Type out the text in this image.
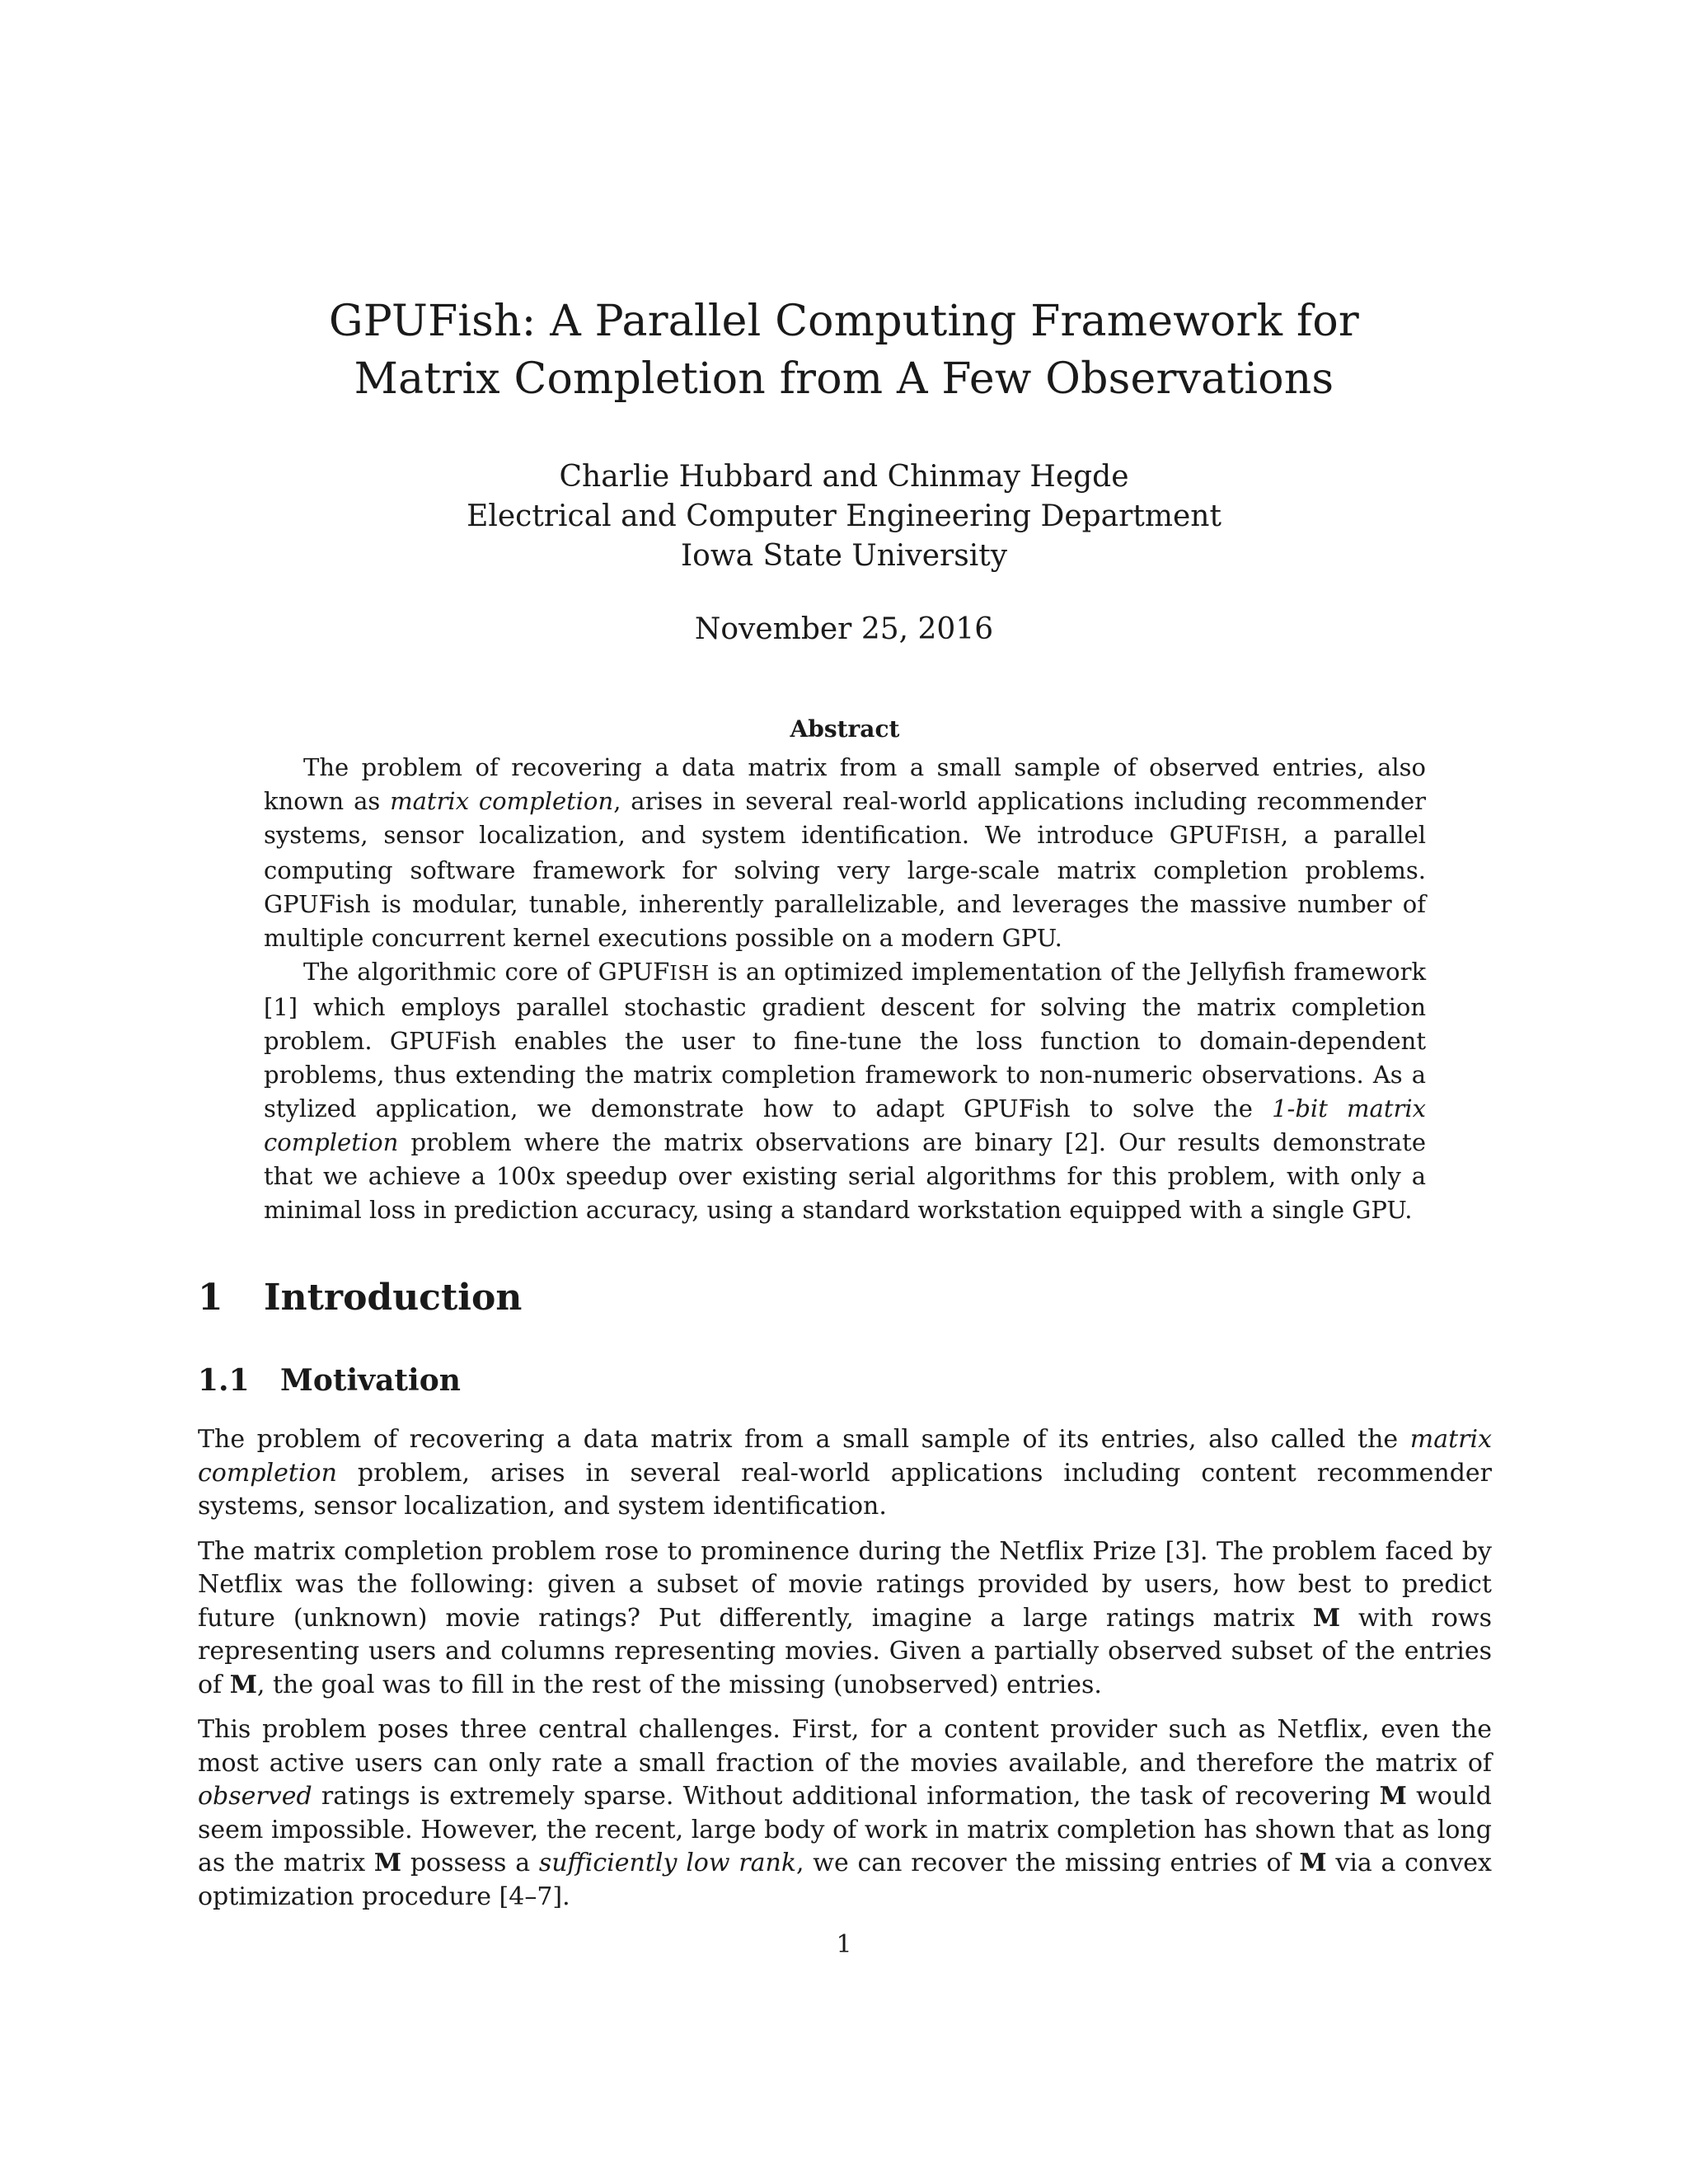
GPUFish: A Parallel Computing Framework for
Matrix Completion from A Few Observations
Charlie Hubbard and Chinmay Hegde
Electrical and Computer Engineering Department
Iowa State University
November 25, 2016
Abstract

The problem of recovering a data matrix from a small sample of observed entries, also known as matrix completion, arises in several real-world applications including recommender systems, sensor localization, and system identification. We introduce GPUFISH, a parallel computing software framework for solving very large-scale matrix completion problems. GPUFish is modular, tunable, inherently parallelizable, and leverages the massive number of multiple concurrent kernel executions possible on a modern GPU.

The algorithmic core of GPUFISH is an optimized implementation of the Jellyfish framework [1] which employs parallel stochastic gradient descent for solving the matrix completion problem. GPUFish enables the user to fine-tune the loss function to domain-dependent problems, thus extending the matrix completion framework to non-numeric observations. As a stylized application, we demonstrate how to adapt GPUFish to solve the 1-bit matrix completion problem where the matrix observations are binary [2]. Our results demonstrate that we achieve a 100x speedup over existing serial algorithms for this problem, with only a minimal loss in prediction accuracy, using a standard workstation equipped with a single GPU.

1 Introduction
1.1 Motivation

The problem of recovering a data matrix from a small sample of its entries, also called the matrix completion problem, arises in several real-world applications including content recommender systems, sensor localization, and system identification.

The matrix completion problem rose to prominence during the Netflix Prize [3]. The problem faced by Netflix was the following: given a subset of movie ratings provided by users, how best to predict future (unknown) movie ratings? Put differently, imagine a large ratings matrix M with rows representing users and columns representing movies. Given a partially observed subset of the entries of M, the goal was to fill in the rest of the missing (unobserved) entries.

This problem poses three central challenges. First, for a content provider such as Netflix, even the most active users can only rate a small fraction of the movies available, and therefore the matrix of observed ratings is extremely sparse. Without additional information, the task of recovering M would seem impossible. However, the recent, large body of work in matrix completion has shown that as long as the matrix M possess a sufficiently low rank, we can recover the missing entries of M via a convex optimization procedure [4–7].

1
